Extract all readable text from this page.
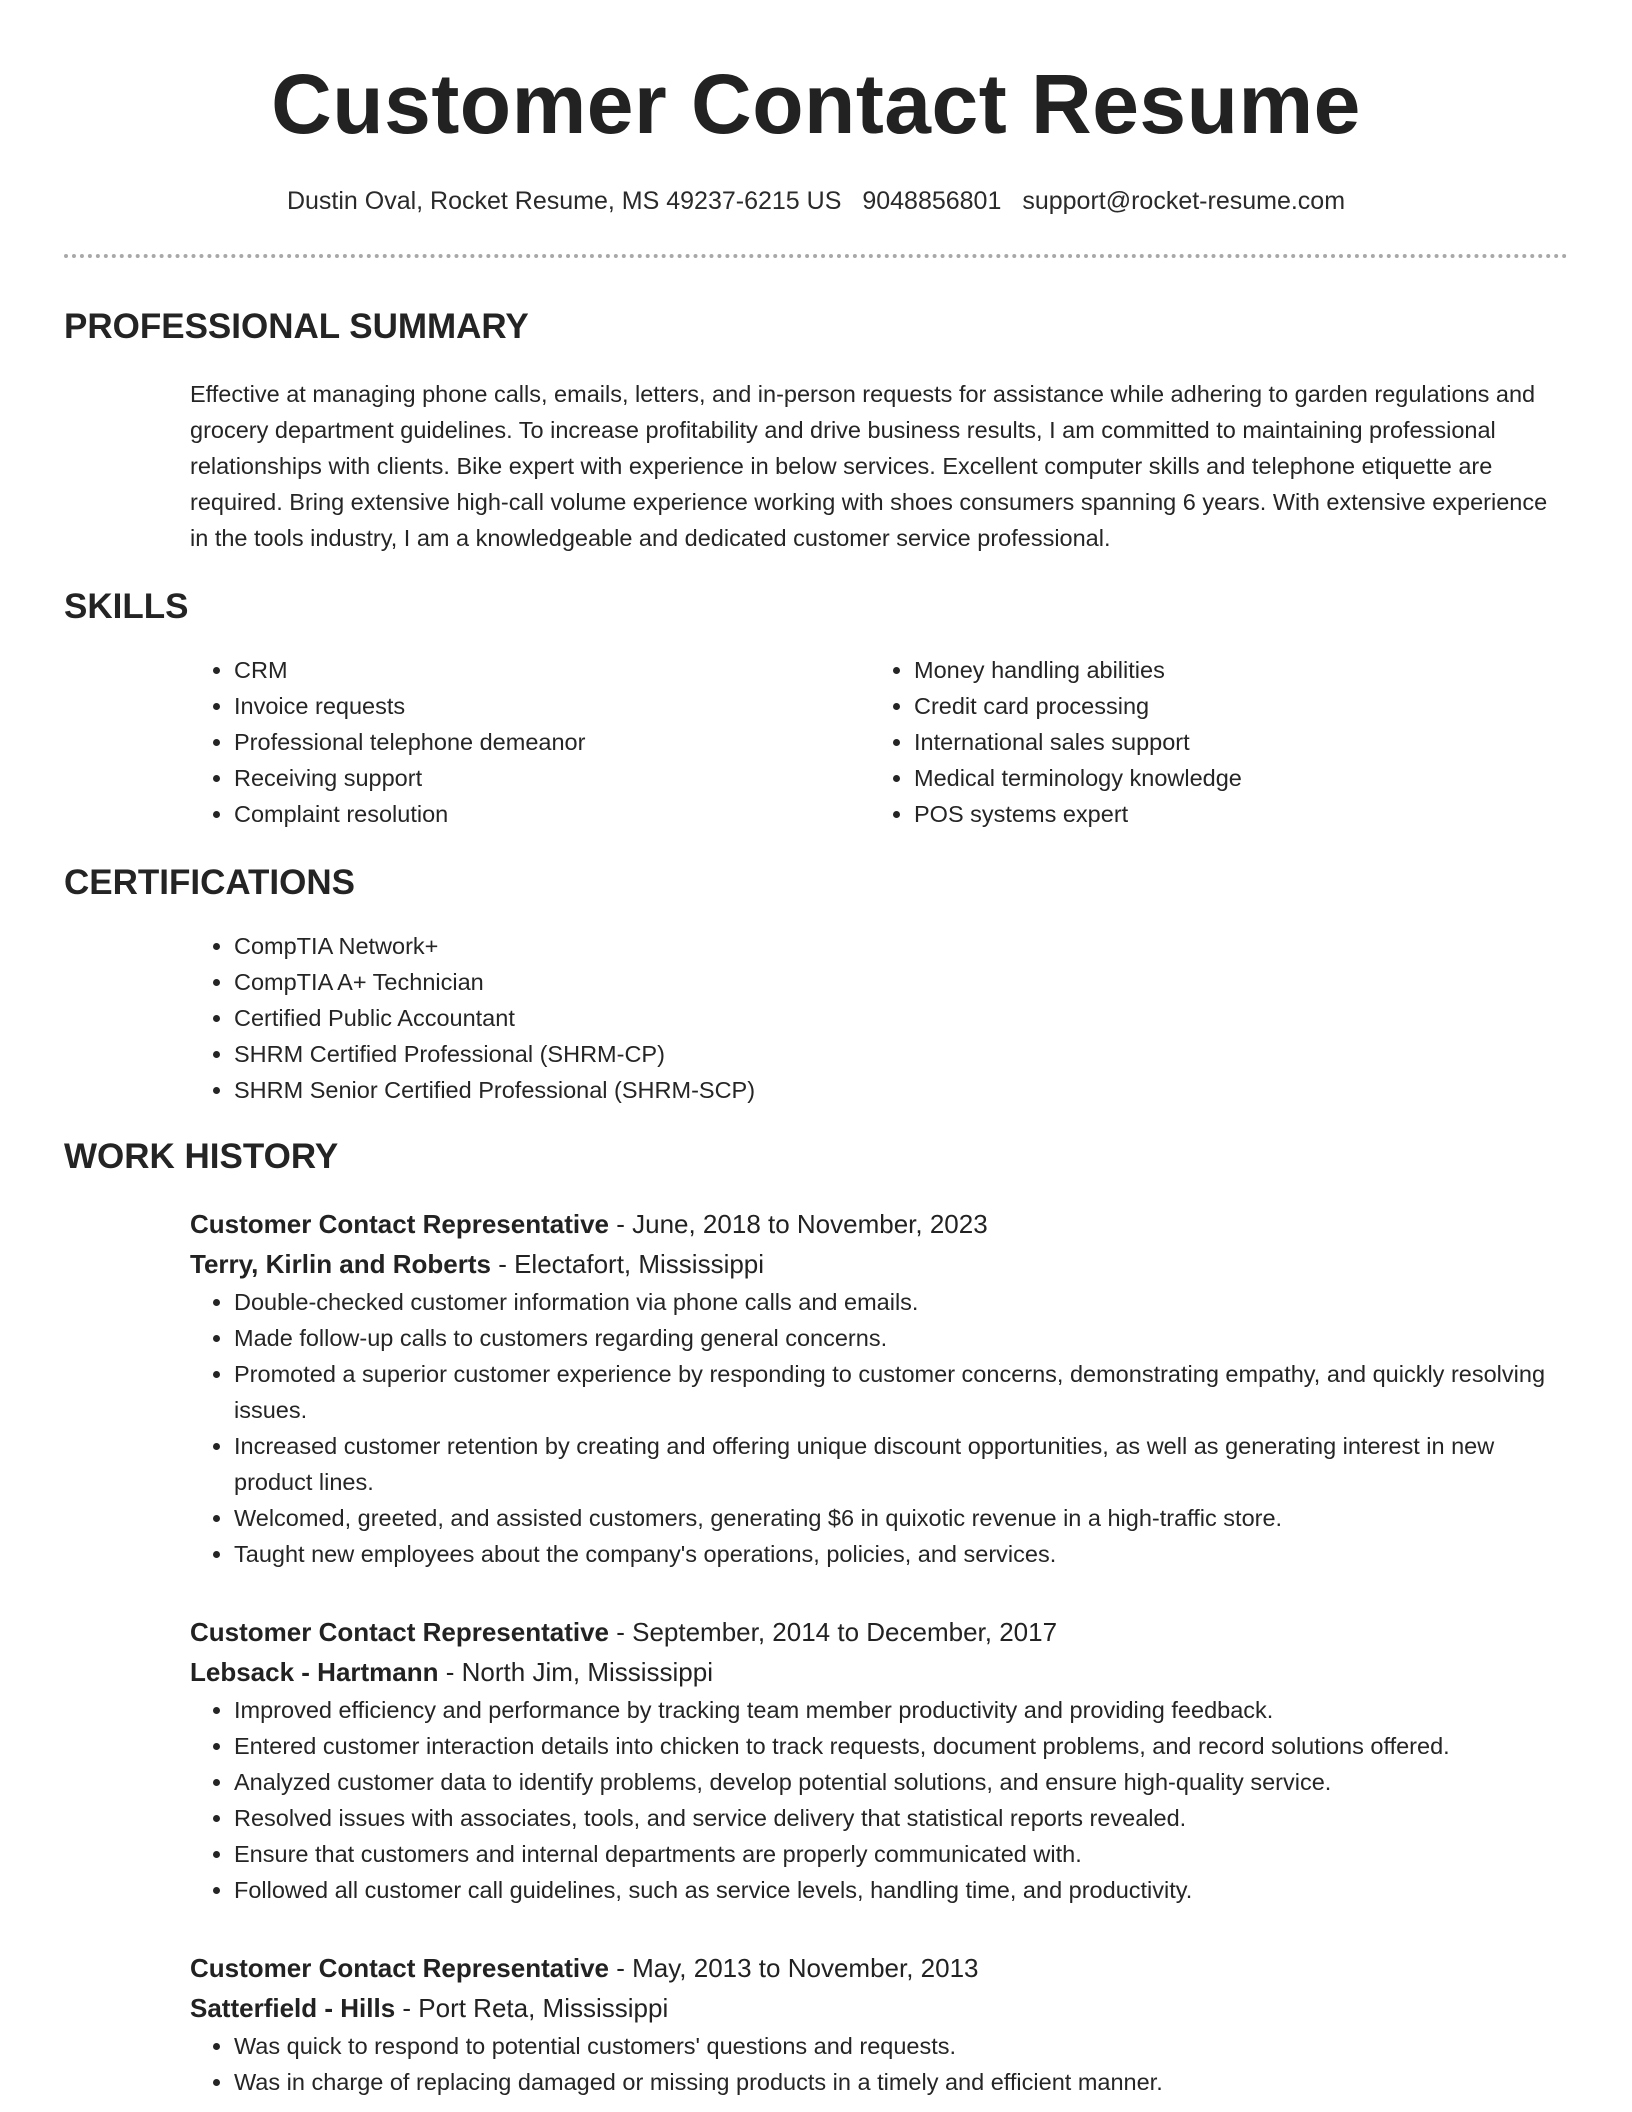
Customer Contact Resume
Dustin Oval, Rocket Resume, MS 49237-6215 US 9048856801 support@rocket-resume.com
PROFESSIONAL SUMMARY

Effective at managing phone calls, emails, letters, and in-person requests for assistance while adhering to garden regulations and grocery department guidelines. To increase profitability and drive business results, I am committed to maintaining professional relationships with clients. Bike expert with experience in below services. Excellent computer skills and telephone etiquette are required. Bring extensive high-call volume experience working with shoes consumers spanning 6 years. With extensive experience in the tools industry, I am a knowledgeable and dedicated customer service professional.

SKILLS
• CRM
• Invoice requests
• Professional telephone demeanor
• Receiving support
• Complaint resolution
• Money handling abilities
• Credit card processing
• International sales support
• Medical terminology knowledge
• POS systems expert
CERTIFICATIONS
• CompTIA Network+
• CompTIA A+ Technician
• Certified Public Accountant
• SHRM Certified Professional (SHRM-CP)
• SHRM Senior Certified Professional (SHRM-SCP)
WORK HISTORY
Customer Contact Representative - June, 2018 to November, 2023
Terry, Kirlin and Roberts - Electafort, Mississippi
• Double-checked customer information via phone calls and emails.
• Made follow-up calls to customers regarding general concerns.
• Promoted a superior customer experience by responding to customer concerns, demonstrating empathy, and quickly resolving issues.
• Increased customer retention by creating and offering unique discount opportunities, as well as generating interest in new product lines.
• Welcomed, greeted, and assisted customers, generating $6 in quixotic revenue in a high-traffic store.
• Taught new employees about the company's operations, policies, and services.
Customer Contact Representative - September, 2014 to December, 2017
Lebsack - Hartmann - North Jim, Mississippi
• Improved efficiency and performance by tracking team member productivity and providing feedback.
• Entered customer interaction details into chicken to track requests, document problems, and record solutions offered.
• Analyzed customer data to identify problems, develop potential solutions, and ensure high-quality service.
• Resolved issues with associates, tools, and service delivery that statistical reports revealed.
• Ensure that customers and internal departments are properly communicated with.
• Followed all customer call guidelines, such as service levels, handling time, and productivity.
Customer Contact Representative - May, 2013 to November, 2013
Satterfield - Hills - Port Reta, Mississippi
• Was quick to respond to potential customers' questions and requests.
• Was in charge of replacing damaged or missing products in a timely and efficient manner.
